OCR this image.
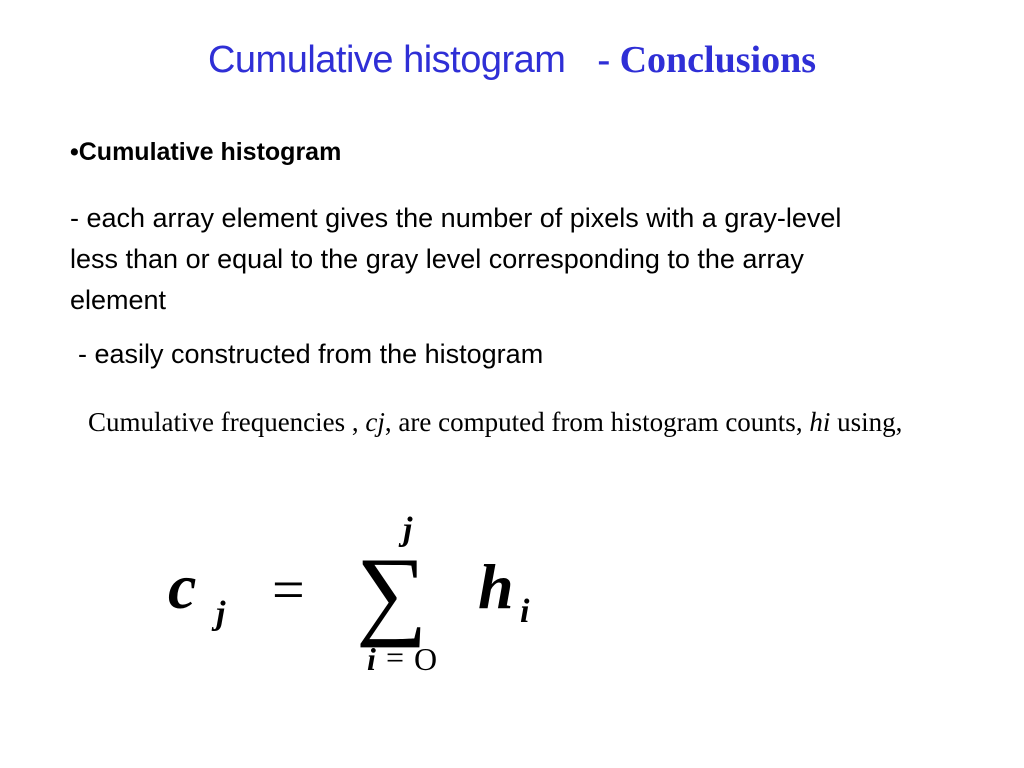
Cumulative histogram - Conclusions
•Cumulative histogram
- each array element gives the number of pixels with a gray-level less than or equal to the gray level corresponding to the array element
- easily constructed from the histogram
Cumulative frequencies , cj, are computed from histogram counts, hi using,
c j =
j
∑
i = O
h i
